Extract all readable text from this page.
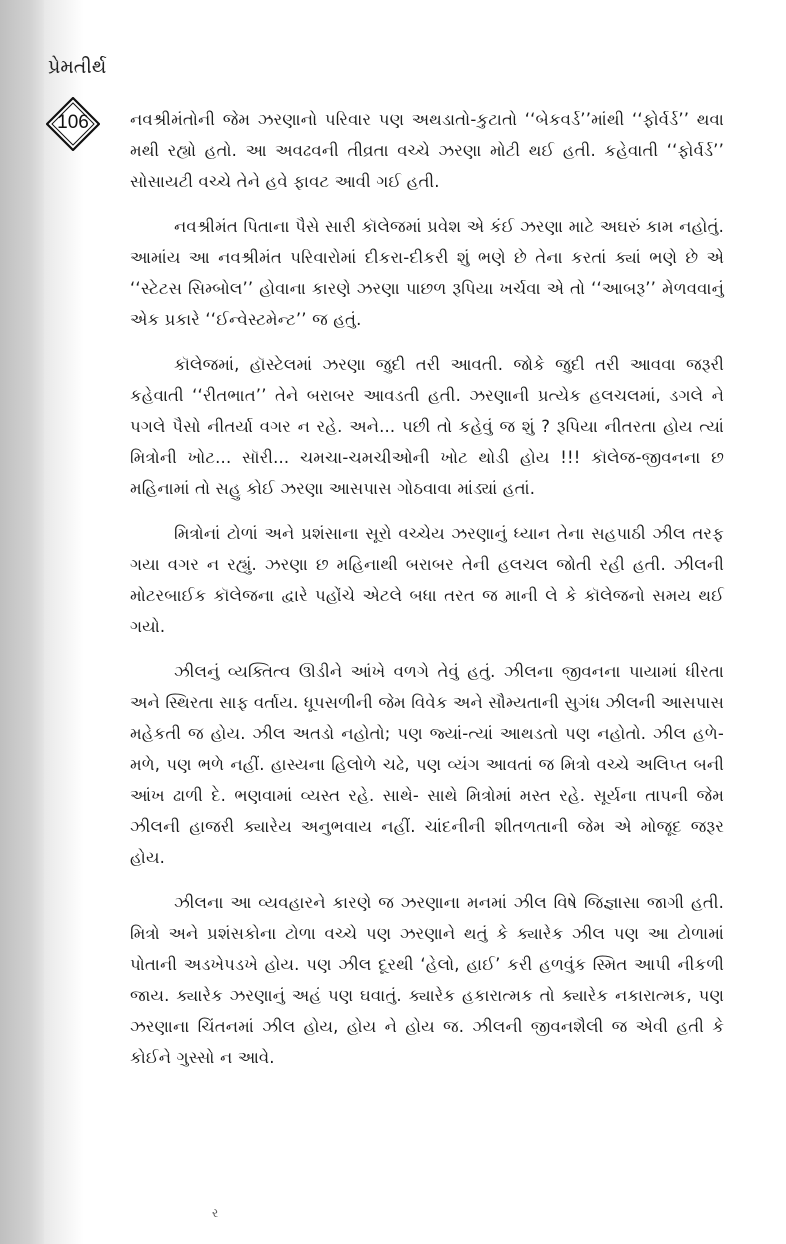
પ્રેમતીર્થ
106	નવશ્રીમંતોની જેમ ઝરણાનો પરિવાર પણ અથડાતો-કુટાતો ‘‘બેકવર્ડ’’માંથી ‘‘ફોર્વર્ડ’’ થવા મથી રહ્યો હતો. આ અવઢવની તીવ્રતા વચ્ચે ઝરણા મોટી થઈ હતી. કહેવાતી ‘‘ફોર્વર્ડ’’ સોસાયટી વચ્ચે તેને હવે ફાવટ આવી ગઈ હતી.

નવશ્રીમંત પિતાના પૈસે સારી કૉલેજમાં પ્રવેશ એ કંઈ ઝરણા માટે અઘરું કામ નહોતું. આમાંય આ નવશ્રીમંત પરિવારોમાં દીકરા-દીકરી શું ભણે છે તેના કરતાં ક્યાં ભણે છે એ ‘‘સ્ટેટસ સિમ્બોલ’’ હોવાના કારણે ઝરણા પાછળ રૂપિયા ખર્ચવા એ તો ‘‘આબરૂ’’ મેળવવાનું એક પ્રકારે ‘‘ઈન્વેસ્ટમેન્ટ’’ જ હતું.

કૉલેજમાં, હૉસ્ટેલમાં ઝરણા જુદી તરી આવતી. જોકે જુદી તરી આવવા જરૂરી કહેવાતી ‘‘રીતભાત’’ તેને બરાબર આવડતી હતી. ઝરણાની પ્રત્યેક હલચલમાં, ડગલે ને પગલે પૈસો નીતર્યા વગર ન રહે. અને... પછી તો કહેવું જ શું ? રૂપિયા નીતરતા હોય ત્યાં મિત્રોની ખોટ... સૉરી... ચમચા-ચમચીઓની ખોટ થોડી હોય !!! કૉલેજ-જીવનના છ મહિનામાં તો સહુ કોઈ ઝરણા આસપાસ ગોઠવાવા માંડ્યાં હતાં.

મિત્રોનાં ટોળાં અને પ્રશંસાના સૂરો વચ્ચેય ઝરણાનું ધ્યાન તેના સહપાઠી ઝીલ તરફ ગયા વગર ન રહ્યું. ઝરણા છ મહિનાથી બરાબર તેની હલચલ જોતી રહી હતી. ઝીલની મોટરબાઈક કૉલેજના દ્વારે પહોંચે એટલે બધા તરત જ માની લે કે કૉલેજનો સમય થઈ ગયો.

ઝીલનું વ્યક્તિત્વ ઊડીને આંખે વળગે તેવું હતું. ઝીલના જીવનના પાયામાં ધીરતા અને સ્થિરતા સાફ વર્તાય. ધૂપસળીની જેમ વિવેક અને સૌમ્યતાની સુગંધ ઝીલની આસપાસ મહેકતી જ હોય. ઝીલ અતડો નહોતો; પણ જ્યાં-ત્યાં આથડતો પણ નહોતો. ઝીલ હળે-મળે, પણ ભળે નહીં. હાસ્યના હિલોળે ચઢે, પણ વ્યંગ આવતાં જ મિત્રો વચ્ચે અલિપ્ત બની આંખ ઢાળી દે. ભણવામાં વ્યસ્ત રહે. સાથે- સાથે મિત્રોમાં મસ્ત રહે. સૂર્યના તાપની જેમ ઝીલની હાજરી ક્યારેય અનુભવાય નહીં. ચાંદનીની શીતળતાની જેમ એ મોજૂદ જરૂર હોય.

ઝીલના આ વ્યવહારને કારણે જ ઝરણાના મનમાં ઝીલ વિષે જિજ્ઞાસા જાગી હતી. મિત્રો અને પ્રશંસકોના ટોળા વચ્ચે પણ ઝરણાને થતું કે ક્યારેક ઝીલ પણ આ ટોળામાં પોતાની અડખેપડખે હોય. પણ ઝીલ દૂરથી ‘હેલો, હાઈ’ કરી હળવુંક સ્મિત આપી નીકળી જાય. ક્યારેક ઝરણાનું અહં પણ ઘવાતું. ક્યારેક હકારાત્મક તો ક્યારેક નકારાત્મક, પણ ઝરણાના ચિંતનમાં ઝીલ હોય, હોય ને હોય જ. ઝીલની જીવનશૈલી જ એવી હતી કે કોઈને ગુસ્સો ન આવે.

ર
